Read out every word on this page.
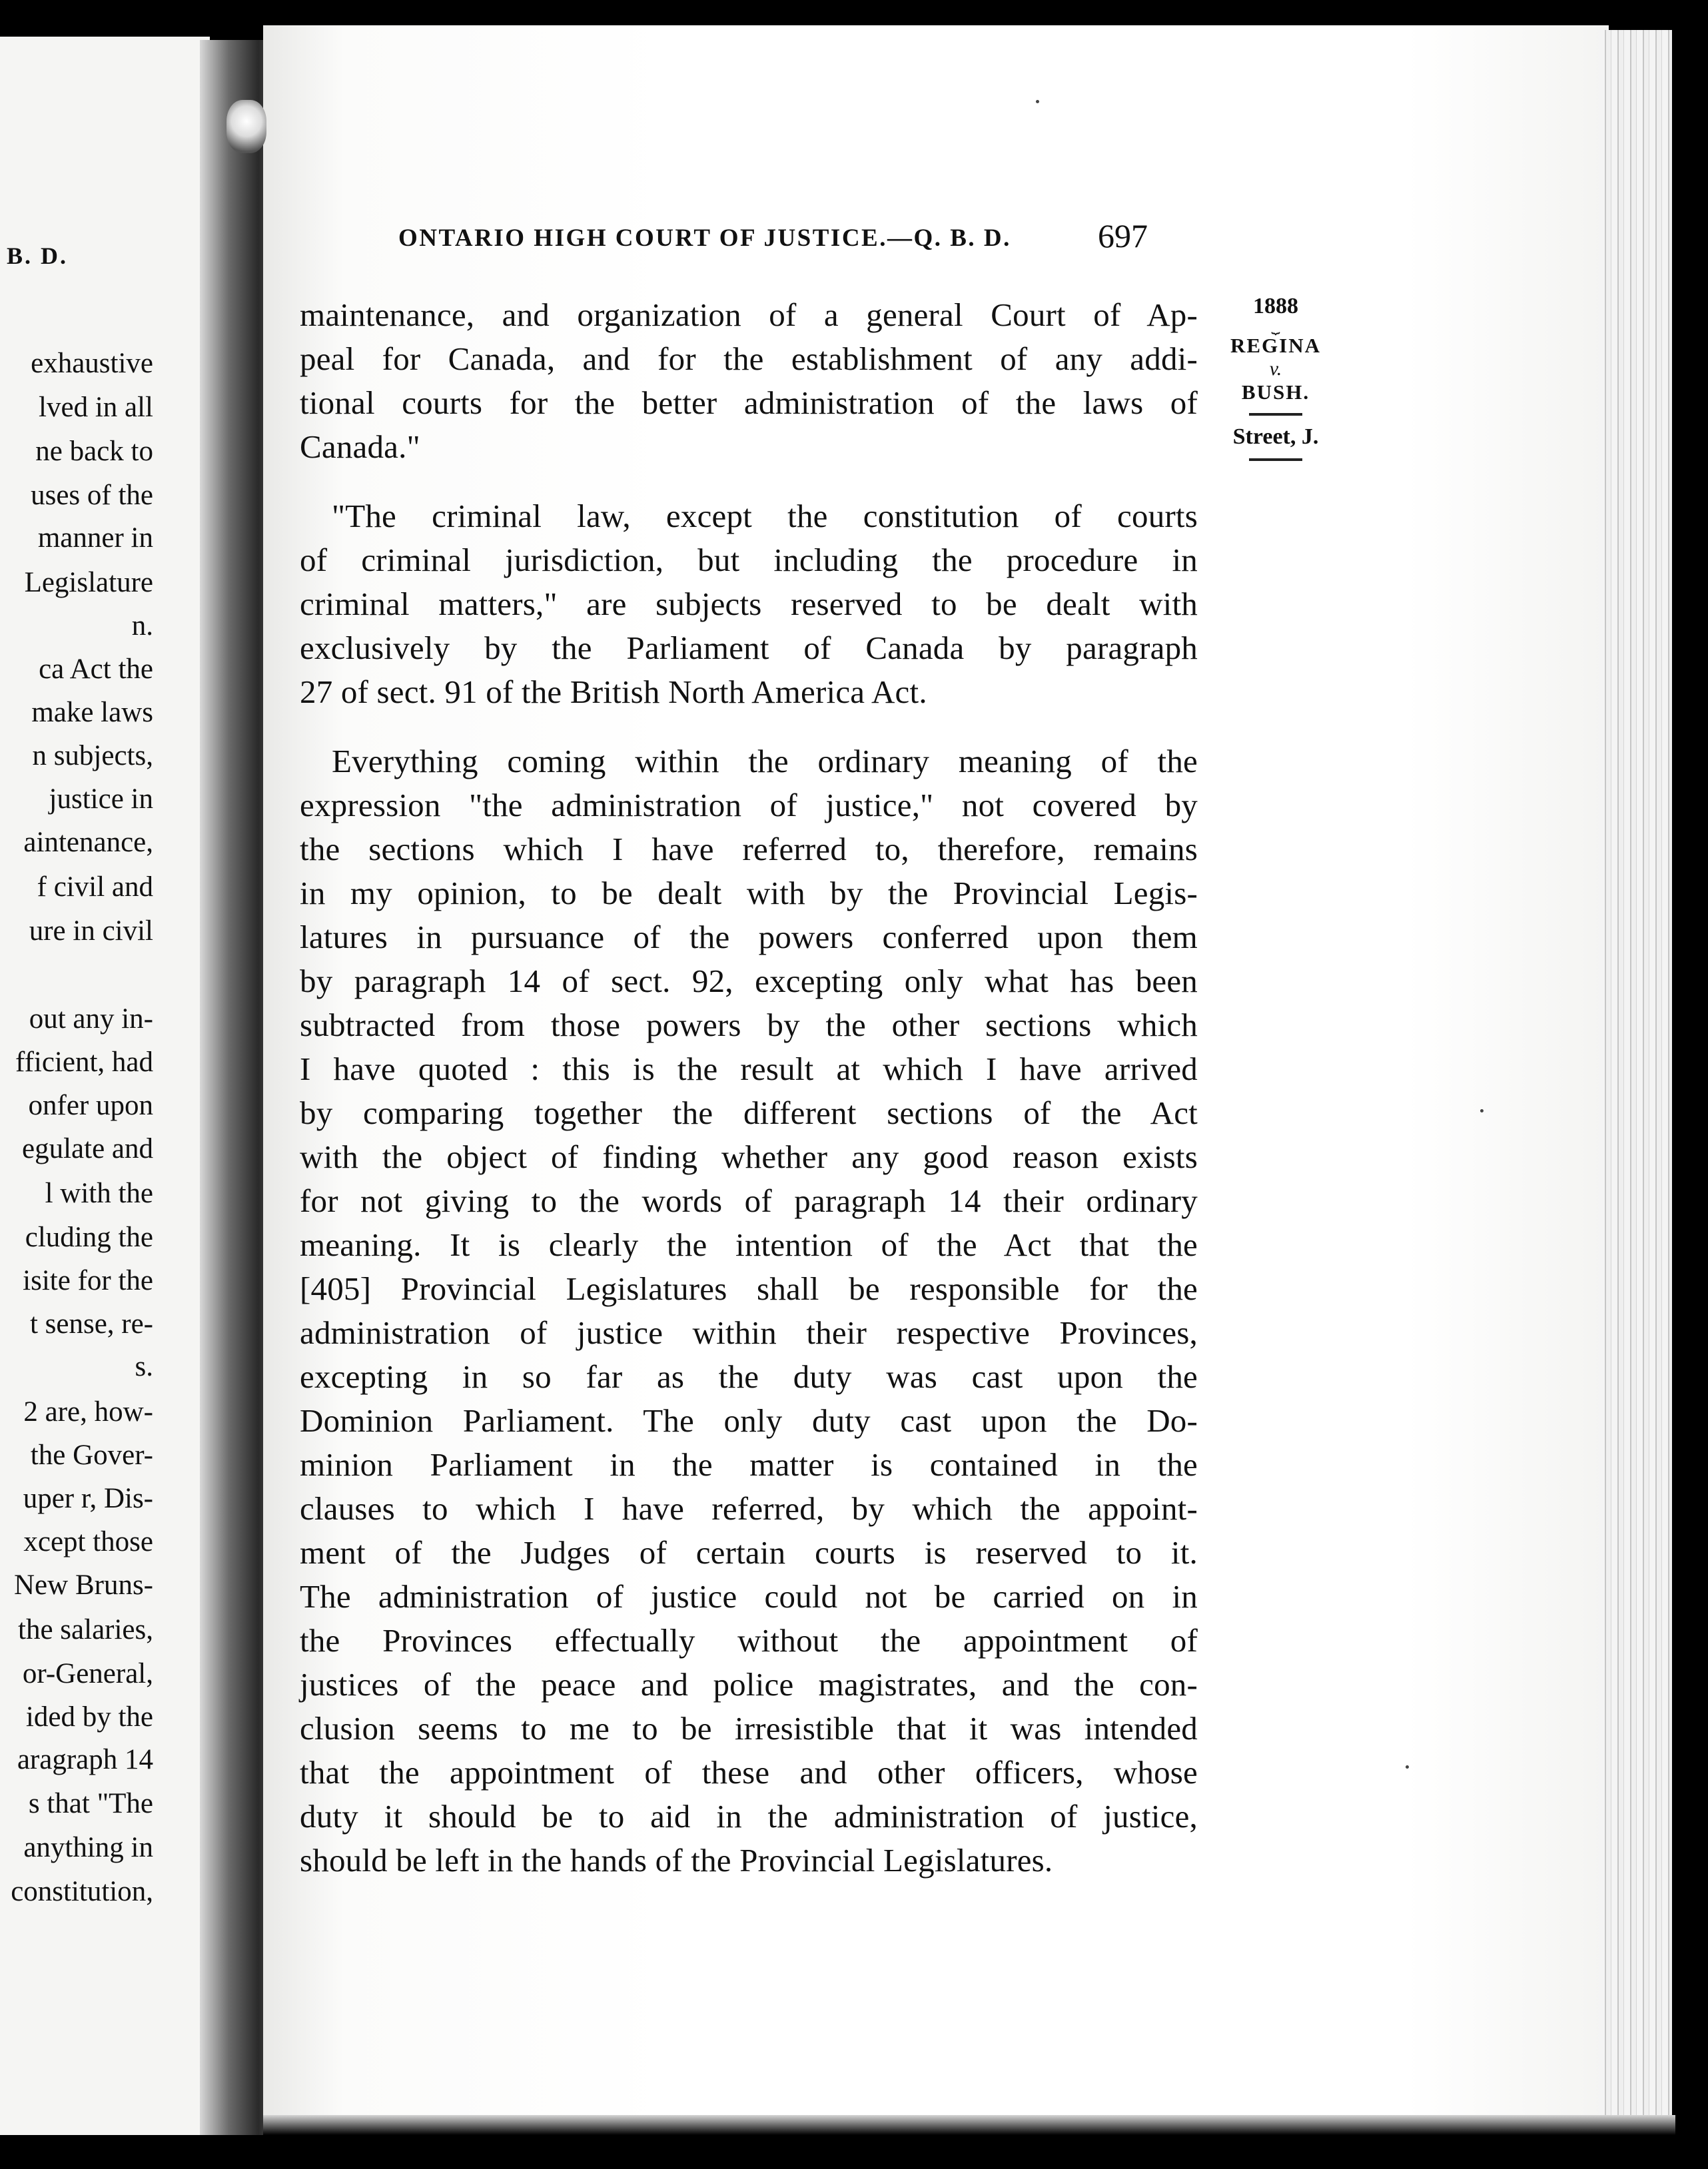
B. D.
exhaustive
lved in all
ne back to
uses of the
manner in
Legislature
n.
ca Act the
make laws
n subjects,
justice in
aintenance,
f civil and
ure in civil
out any in-
fficient, had
onfer upon
egulate and
l with the
cluding the
isite for the
t sense, re-
s.
2 are, how-
the Gover-
uper r, Dis-
xcept those
New Bruns-
the salaries,
or-General,
ided by the
aragraph 14
s that "The
anything in
constitution,
ONTARIO HIGH COURT OF JUSTICE.—Q. B. D.	697
1888
⏟
REGINA
v.
BUSH.
Street, J.
maintenance, and organization of a general Court of Ap-
peal for Canada, and for the establishment of any addi-
tional courts for the better administration of the laws of
Canada."
"The criminal law, except the constitution of courts
of criminal jurisdiction, but including the procedure in
criminal matters," are subjects reserved to be dealt with
exclusively by the Parliament of Canada by paragraph
27 of sect. 91 of the British North America Act.
Everything coming within the ordinary meaning of the
expression "the administration of justice," not covered by
the sections which I have referred to, therefore, remains
in my opinion, to be dealt with by the Provincial Legis-
latures in pursuance of the powers conferred upon them
by paragraph 14 of sect. 92, excepting only what has been
subtracted from those powers by the other sections which
I have quoted : this is the result at which I have arrived
by comparing together the different sections of the Act
with the object of finding whether any good reason exists
for not giving to the words of paragraph 14 their ordinary
meaning. It is clearly the intention of the Act that the
[405] Provincial Legislatures shall be responsible for the
administration of justice within their respective Provinces,
excepting in so far as the duty was cast upon the
Dominion Parliament. The only duty cast upon the Do-
minion Parliament in the matter is contained in the
clauses to which I have referred, by which the appoint-
ment of the Judges of certain courts is reserved to it.
The administration of justice could not be carried on in
the Provinces effectually without the appointment of
justices of the peace and police magistrates, and the con-
clusion seems to me to be irresistible that it was intended
that the appointment of these and other officers, whose
duty it should be to aid in the administration of justice,
should be left in the hands of the Provincial Legislatures.
